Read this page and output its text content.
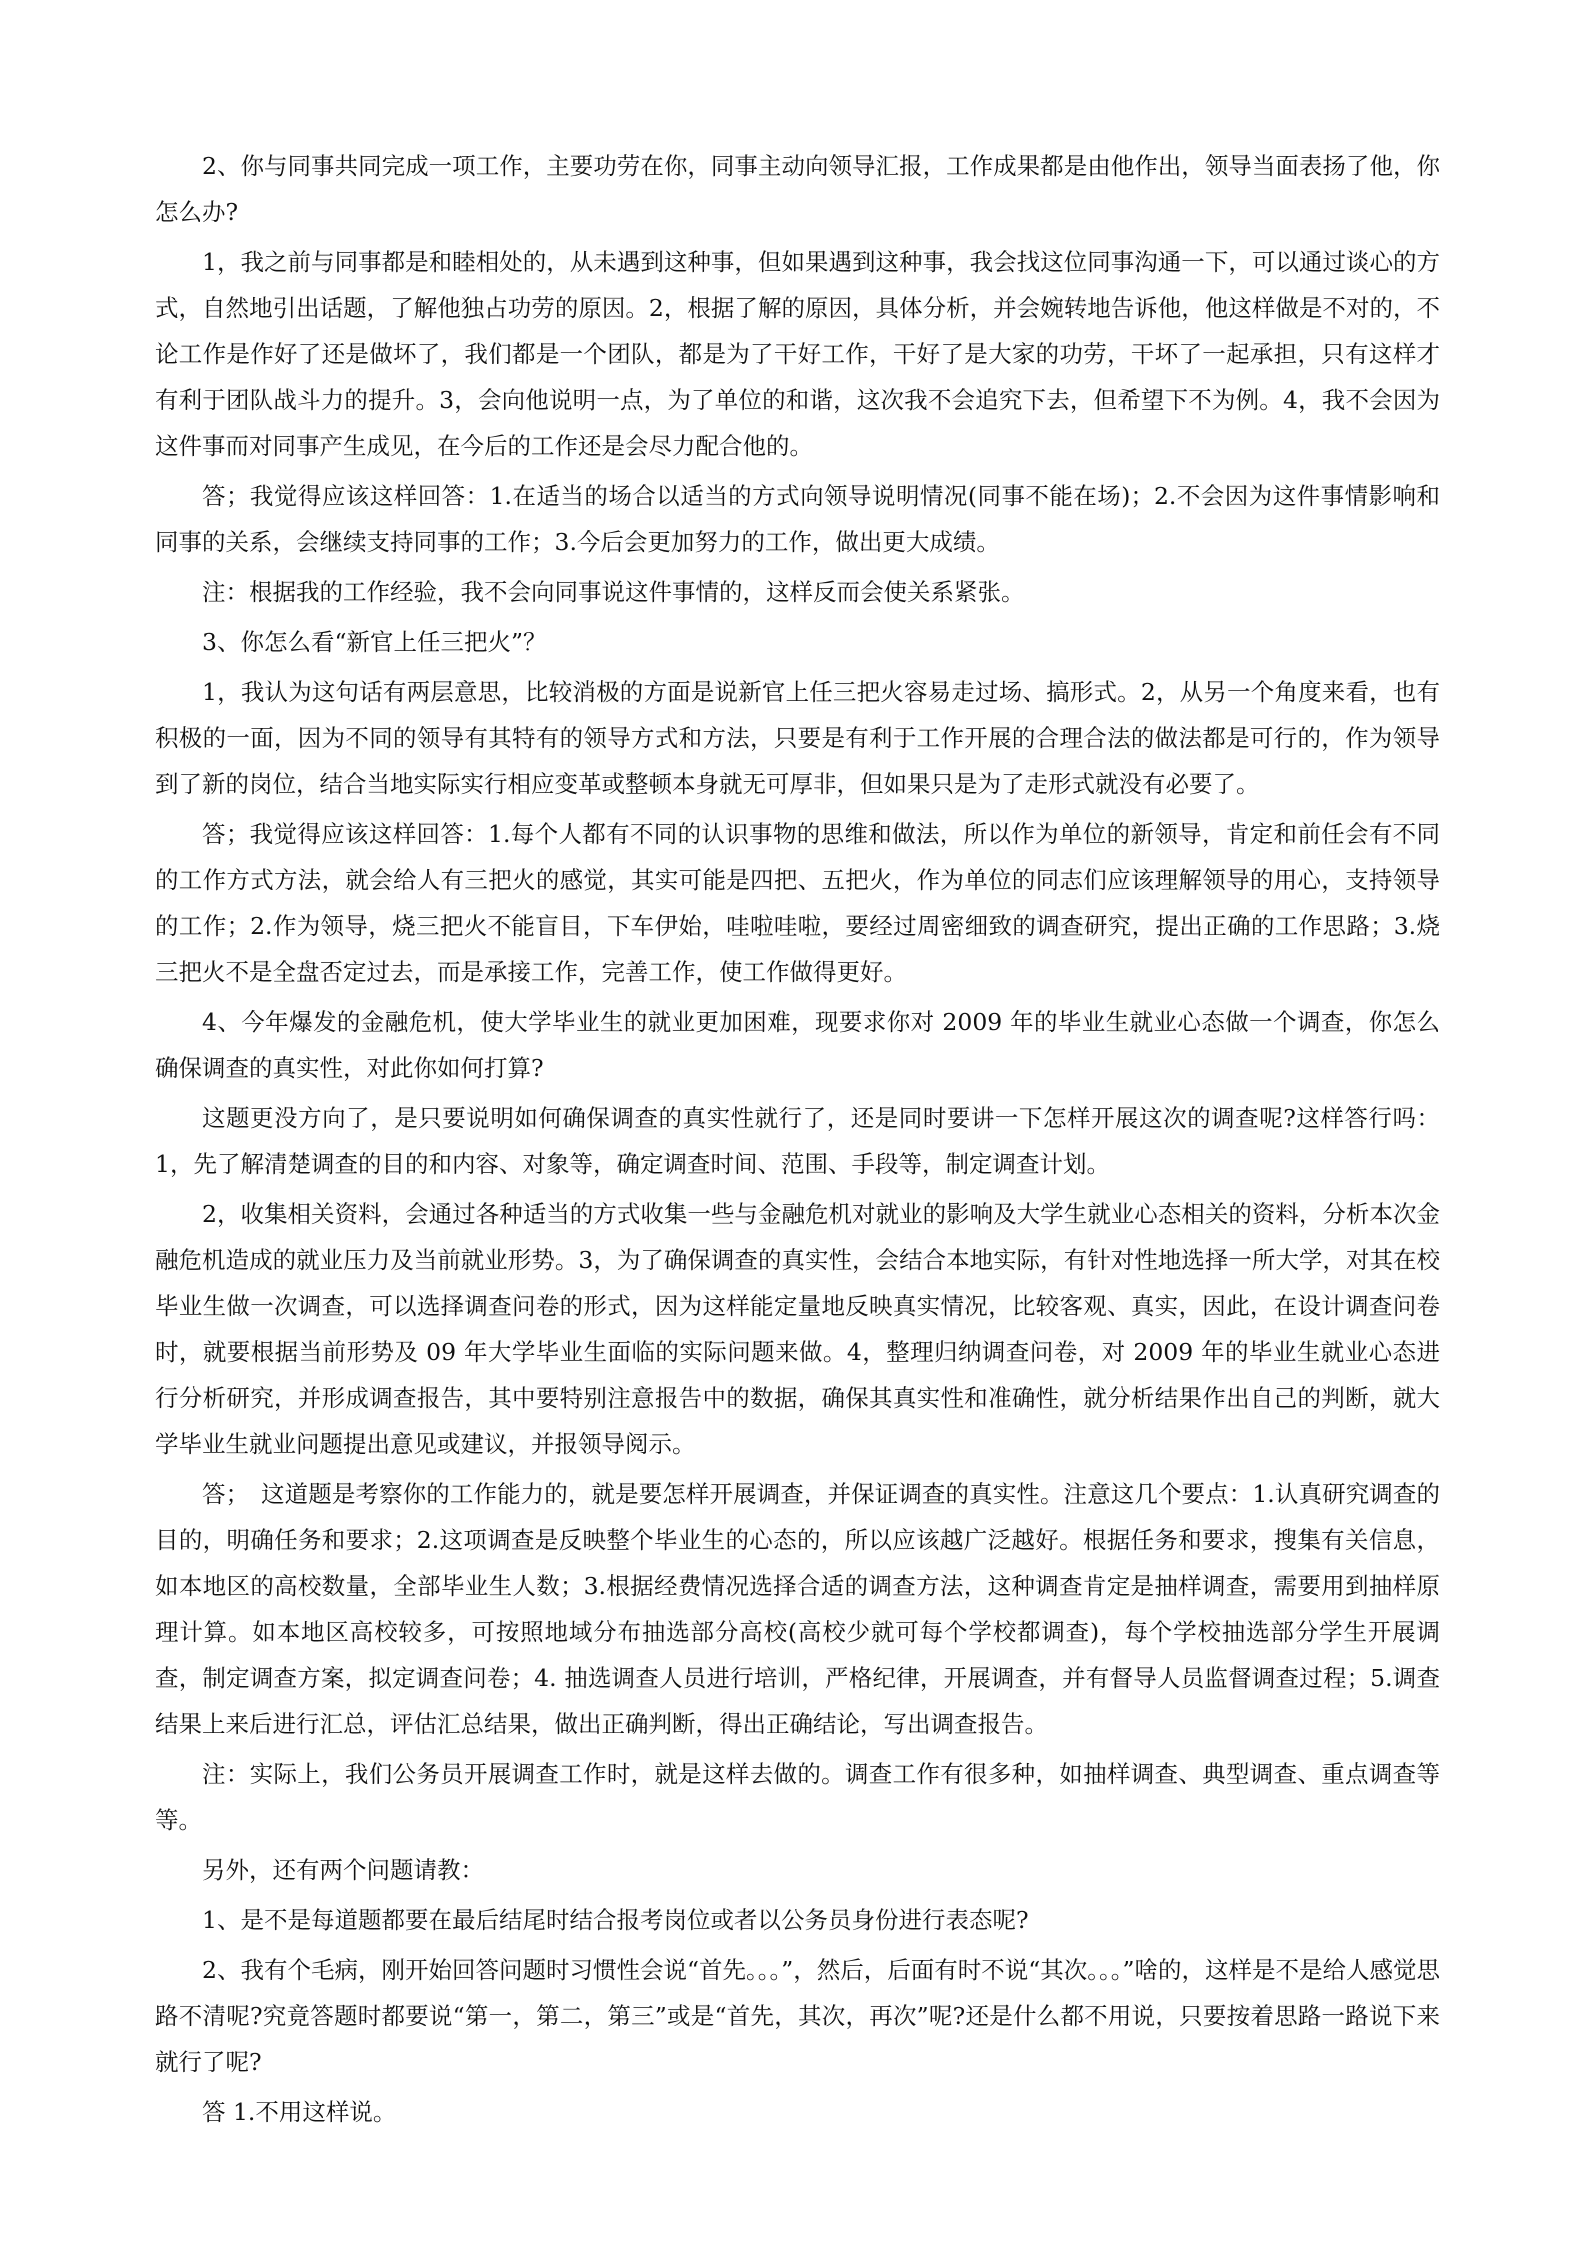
2、你与同事共同完成一项工作，主要功劳在你，同事主动向领导汇报，工作成果都是由他作出，领导当面表扬了他，你怎么办?

1，我之前与同事都是和睦相处的，从未遇到这种事，但如果遇到这种事，我会找这位同事沟通一下，可以通过谈心的方式，自然地引出话题，了解他独占功劳的原因。2，根据了解的原因，具体分析，并会婉转地告诉他，他这样做是不对的，不论工作是作好了还是做坏了，我们都是一个团队，都是为了干好工作，干好了是大家的功劳，干坏了一起承担，只有这样才有利于团队战斗力的提升。3，会向他说明一点，为了单位的和谐，这次我不会追究下去，但希望下不为例。4，我不会因为这件事而对同事产生成见，在今后的工作还是会尽力配合他的。

答；我觉得应该这样回答：1.在适当的场合以适当的方式向领导说明情况(同事不能在场)；2.不会因为这件事情影响和同事的关系，会继续支持同事的工作；3.今后会更加努力的工作，做出更大成绩。

注：根据我的工作经验，我不会向同事说这件事情的，这样反而会使关系紧张。

3、你怎么看“新官上任三把火”？

1，我认为这句话有两层意思，比较消极的方面是说新官上任三把火容易走过场、搞形式。2，从另一个角度来看，也有积极的一面，因为不同的领导有其特有的领导方式和方法，只要是有利于工作开展的合理合法的做法都是可行的，作为领导到了新的岗位，结合当地实际实行相应变革或整顿本身就无可厚非，但如果只是为了走形式就没有必要了。

答；我觉得应该这样回答：1.每个人都有不同的认识事物的思维和做法，所以作为单位的新领导，肯定和前任会有不同的工作方式方法，就会给人有三把火的感觉，其实可能是四把、五把火，作为单位的同志们应该理解领导的用心，支持领导的工作；2.作为领导，烧三把火不能盲目，下车伊始，哇啦哇啦，要经过周密细致的调查研究，提出正确的工作思路；3.烧三把火不是全盘否定过去，而是承接工作，完善工作，使工作做得更好。

4、今年爆发的金融危机，使大学毕业生的就业更加困难，现要求你对 2009 年的毕业生就业心态做一个调查，你怎么确保调查的真实性，对此你如何打算?

这题更没方向了，是只要说明如何确保调查的真实性就行了，还是同时要讲一下怎样开展这次的调查呢?这样答行吗：1，先了解清楚调查的目的和内容、对象等，确定调查时间、范围、手段等，制定调查计划。

2，收集相关资料，会通过各种适当的方式收集一些与金融危机对就业的影响及大学生就业心态相关的资料，分析本次金融危机造成的就业压力及当前就业形势。3，为了确保调查的真实性，会结合本地实际，有针对性地选择一所大学，对其在校毕业生做一次调查，可以选择调查问卷的形式，因为这样能定量地反映真实情况，比较客观、真实，因此，在设计调查问卷时，就要根据当前形势及 09 年大学毕业生面临的实际问题来做。4，整理归纳调查问卷，对 2009 年的毕业生就业心态进行分析研究，并形成调查报告，其中要特别注意报告中的数据，确保其真实性和准确性，就分析结果作出自己的判断，就大学毕业生就业问题提出意见或建议，并报领导阅示。

答；　这道题是考察你的工作能力的，就是要怎样开展调查，并保证调查的真实性。注意这几个要点：1.认真研究调查的目的，明确任务和要求；2.这项调查是反映整个毕业生的心态的，所以应该越广泛越好。根据任务和要求，搜集有关信息，如本地区的高校数量，全部毕业生人数；3.根据经费情况选择合适的调查方法，这种调查肯定是抽样调查，需要用到抽样原理计算。如本地区高校较多，可按照地域分布抽选部分高校(高校少就可每个学校都调查)，每个学校抽选部分学生开展调查，制定调查方案，拟定调查问卷；4. 抽选调查人员进行培训，严格纪律，开展调查，并有督导人员监督调查过程；5.调查结果上来后进行汇总，评估汇总结果，做出正确判断，得出正确结论，写出调查报告。

注：实际上，我们公务员开展调查工作时，就是这样去做的。调查工作有很多种，如抽样调查、典型调查、重点调查等等。

另外，还有两个问题请教：

1、是不是每道题都要在最后结尾时结合报考岗位或者以公务员身份进行表态呢?

2、我有个毛病，刚开始回答问题时习惯性会说“首先。。。”，然后，后面有时不说“其次。。。”啥的，这样是不是给人感觉思路不清呢?究竟答题时都要说“第一，第二，第三”或是“首先，其次，再次”呢?还是什么都不用说，只要按着思路一路说下来就行了呢?

答 1.不用这样说。
